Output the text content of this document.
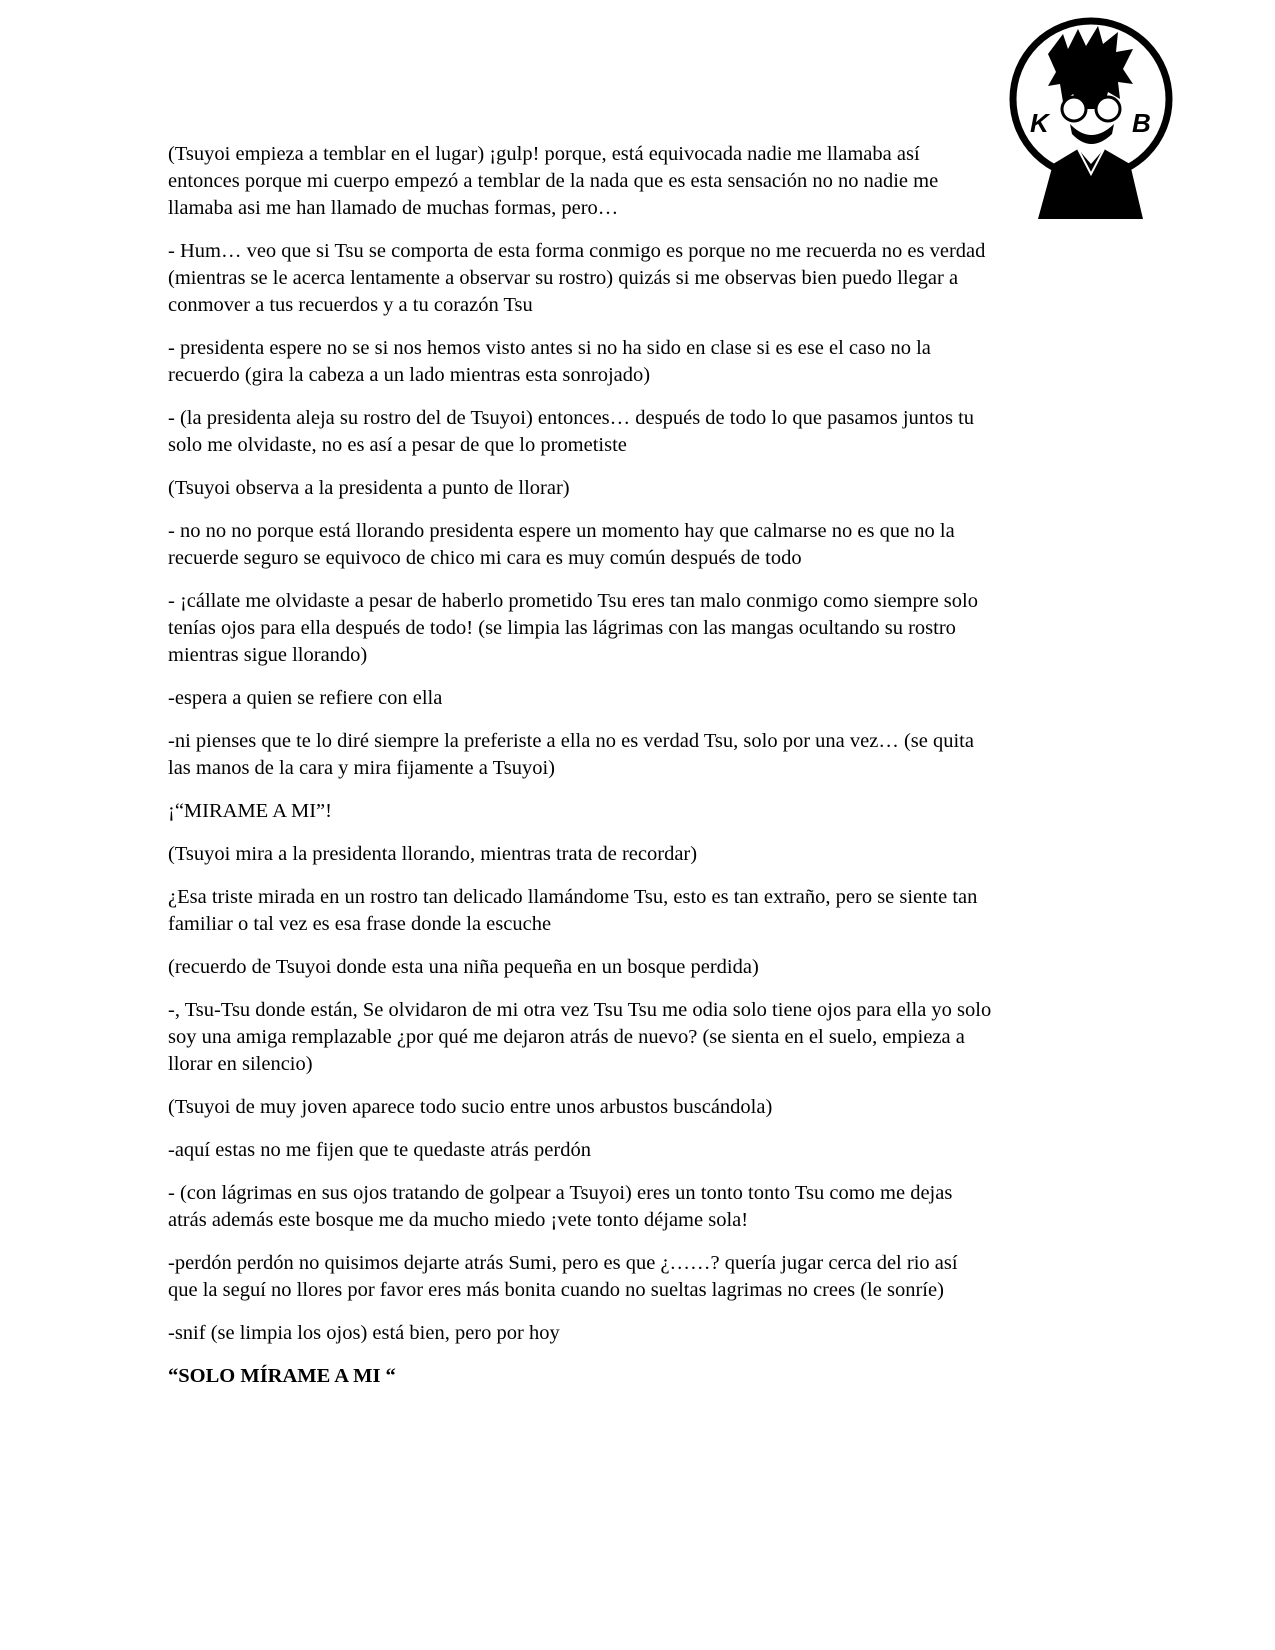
K	B

(Tsuyoi empieza a temblar en el lugar) ¡gulp! porque, está equivocada nadie me llamaba así
entonces porque mi cuerpo empezó a temblar de la nada que es esta sensación no no nadie me
llamaba asi me han llamado de muchas formas, pero…

- Hum… veo que si Tsu se comporta de esta forma conmigo es porque no me recuerda no es verdad
(mientras se le acerca lentamente a observar su rostro) quizás si me observas bien puedo llegar a
conmover a tus recuerdos y a tu corazón Tsu

- presidenta espere no se si nos hemos visto antes si no ha sido en clase si es ese el caso no la
recuerdo (gira la cabeza a un lado mientras esta sonrojado)

- (la presidenta aleja su rostro del de Tsuyoi) entonces… después de todo lo que pasamos juntos tu
solo me olvidaste, no es así a pesar de que lo prometiste

(Tsuyoi observa a la presidenta a punto de llorar)

- no no no porque está llorando presidenta espere un momento hay que calmarse no es que no la
recuerde seguro se equivoco de chico mi cara es muy común después de todo

- ¡cállate me olvidaste a pesar de haberlo prometido Tsu eres tan malo conmigo como siempre solo
tenías ojos para ella después de todo! (se limpia las lágrimas con las mangas ocultando su rostro
mientras sigue llorando)

-espera a quien se refiere con ella

-ni pienses que te lo diré siempre la preferiste a ella no es verdad Tsu, solo por una vez… (se quita
las manos de la cara y mira fijamente a Tsuyoi)

¡“MIRAME A MI”!

(Tsuyoi mira a la presidenta llorando, mientras trata de recordar)

¿Esa triste mirada en un rostro tan delicado llamándome Tsu, esto es tan extraño, pero se siente tan
familiar o tal vez es esa frase donde la escuche

(recuerdo de Tsuyoi donde esta una niña pequeña en un bosque perdida)

-, Tsu-Tsu donde están, Se olvidaron de mi otra vez Tsu Tsu me odia solo tiene ojos para ella yo solo
soy una amiga remplazable ¿por qué me dejaron atrás de nuevo? (se sienta en el suelo, empieza a
llorar en silencio)

(Tsuyoi de muy joven aparece todo sucio entre unos arbustos buscándola)

-aquí estas no me fijen que te quedaste atrás perdón

- (con lágrimas en sus ojos tratando de golpear a Tsuyoi) eres un tonto tonto Tsu como me dejas
atrás además este bosque me da mucho miedo ¡vete tonto déjame sola!

-perdón perdón no quisimos dejarte atrás Sumi, pero es que ¿……? quería jugar cerca del rio así
que la seguí no llores por favor eres más bonita cuando no sueltas lagrimas no crees (le sonríe)

-snif (se limpia los ojos) está bien, pero por hoy

“SOLO MÍRAME A MI “
